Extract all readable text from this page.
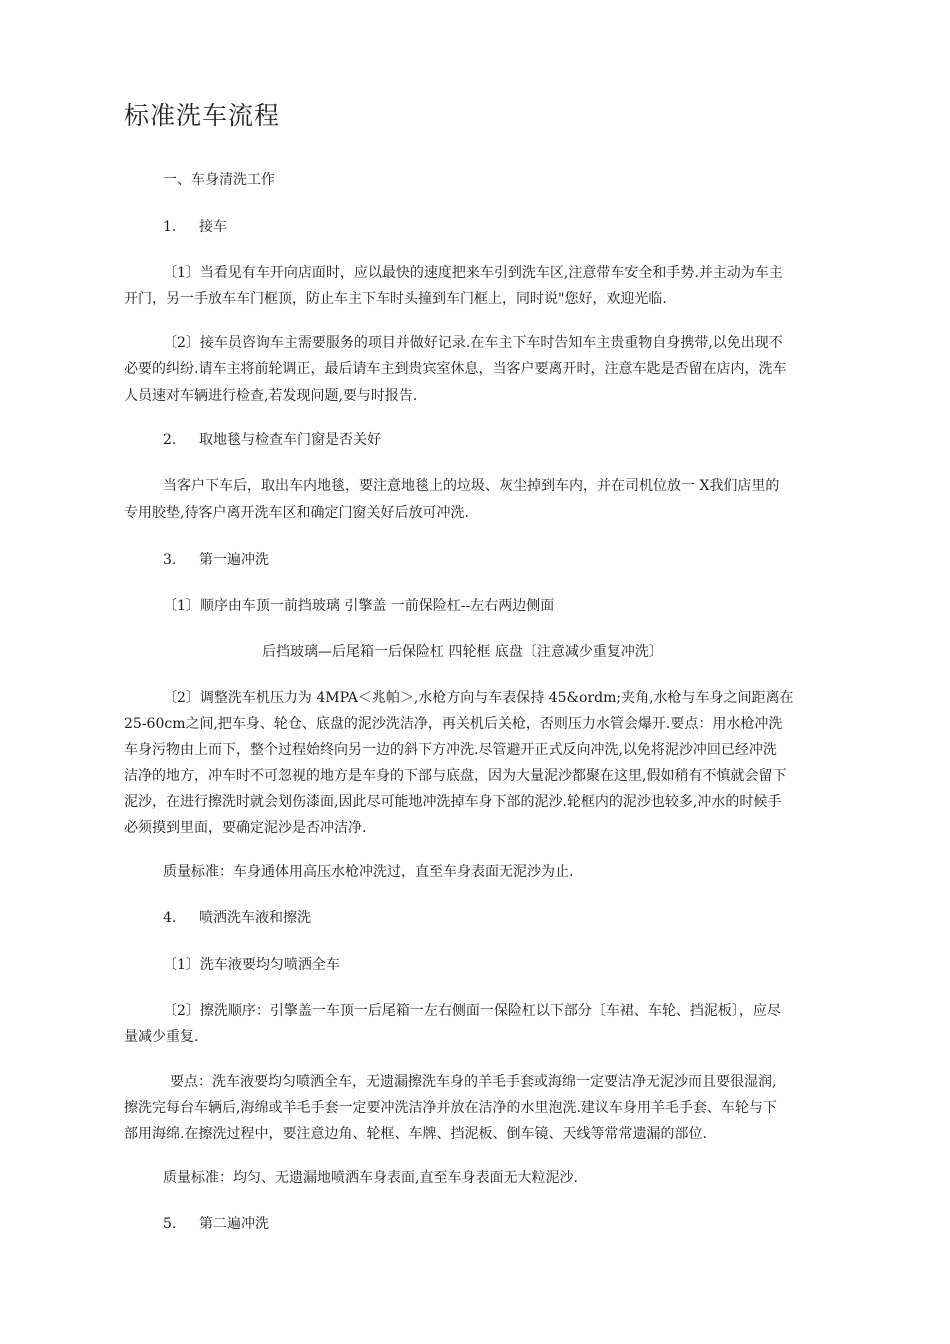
标准洗车流程
一、车身清洗工作
1. 接车
〔1〕当看见有车开向店面时，应以最快的速度把来车引到洗车区,注意带车安全和手势.并主动为车主
开门，另一手放车车门框顶，防止车主下车时头撞到车门框上，同时说"您好，欢迎光临.
〔2〕接车员咨询车主需要服务的项目并做好记录.在车主下车时告知车主贵重物自身携带,以免出现不
必要的纠纷.请车主将前轮调正，最后请车主到贵宾室休息，当客户要离开时，注意车匙是否留在店内，洗车
人员速对车辆进行检查,若发现问题,要与时报告.
2. 取地毯与检查车门窗是否关好
当客户下车后，取出车内地毯，要注意地毯上的垃圾、灰尘掉到车内，并在司机位放一 X我们店里的
专用胶垫,待客户离开洗车区和确定门窗关好后放可冲洗.
3. 第一遍冲洗
〔1〕顺序由车顶一前挡玻璃 引擎盖 一前保险杠--左右两边侧面
后挡玻璃—后尾箱一后保险杠 四轮框 底盘〔注意减少重复冲洗〕
〔2〕调整洗车机压力为 4MPA＜兆帕＞,水枪方向与车表保持 45&ordm;夹角,水枪与车身之间距离在
25-60cm之间,把车身、轮仓、底盘的泥沙洗洁净，再关机后关枪，否则压力水管会爆开.要点：用水枪冲洗
车身污物由上而下，整个过程始终向另一边的斜下方冲洗.尽管避开正式反向冲洗,以免将泥沙冲回已经冲洗
洁净的地方，冲车时不可忽视的地方是车身的下部与底盘，因为大量泥沙都聚在这里,假如稍有不慎就会留下
泥沙，在进行擦洗时就会划伤漆面,因此尽可能地冲洗掉车身下部的泥沙.轮框内的泥沙也较多,冲水的时候手
必须摸到里面，要确定泥沙是否冲洁净.
质量标准：车身通体用高压水枪冲洗过，直至车身表面无泥沙为止.
4. 喷洒洗车液和擦洗
〔1〕洗车液要均匀喷洒全车
〔2〕擦洗顺序：引擎盖一车顶一后尾箱一左右侧面一保险杠以下部分〔车裙、车轮、挡泥板〕，应尽
量减少重复.
要点：洗车液要均匀喷洒全车，无遗漏擦洗车身的羊毛手套或海绵一定要洁净无泥沙而且要很湿润,
擦洗完每台车辆后,海绵或羊毛手套一定要冲洗洁净并放在洁净的水里泡洗.建议车身用羊毛手套、车轮与下
部用海绵.在擦洗过程中，要注意边角、轮框、车牌、挡泥板、倒车镜、天线等常常遗漏的部位.
质量标准：均匀、无遗漏地喷洒车身表面,直至车身表面无大粒泥沙.
5. 第二遍冲洗
